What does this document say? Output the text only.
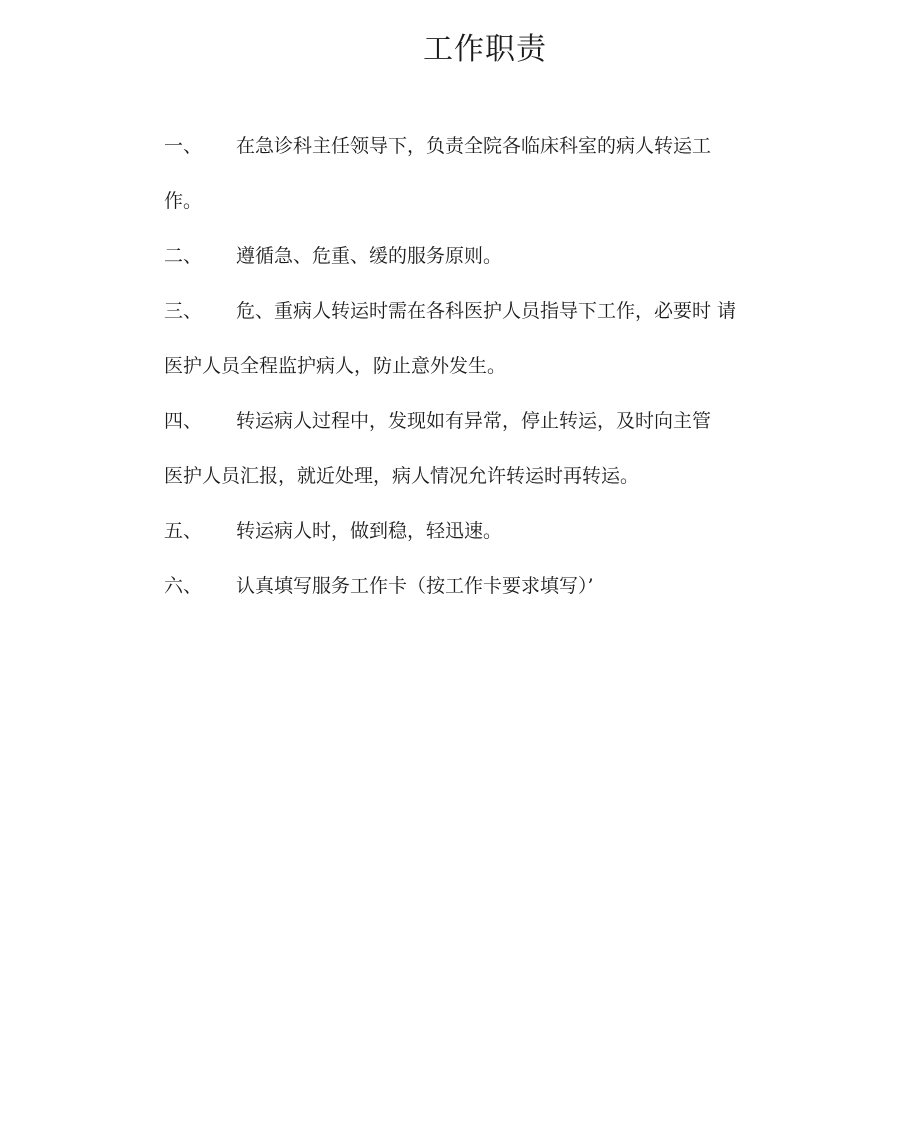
工作职责
一、 在急诊科主任领导下，负责全院各临床科室的病人转运工
作。
二、 遵循急、危重、缓的服务原则。
三、 危、重病人转运时需在各科医护人员指导下工作，必要时 请
医护人员全程监护病人，防止意外发生。
四、 转运病人过程中，发现如有异常，停止转运，及时向主管
医护人员汇报，就近处理，病人情况允许转运时再转运。
五、 转运病人时，做到稳，轻迅速。
六、 认真填写服务工作卡（按工作卡要求填写）’
